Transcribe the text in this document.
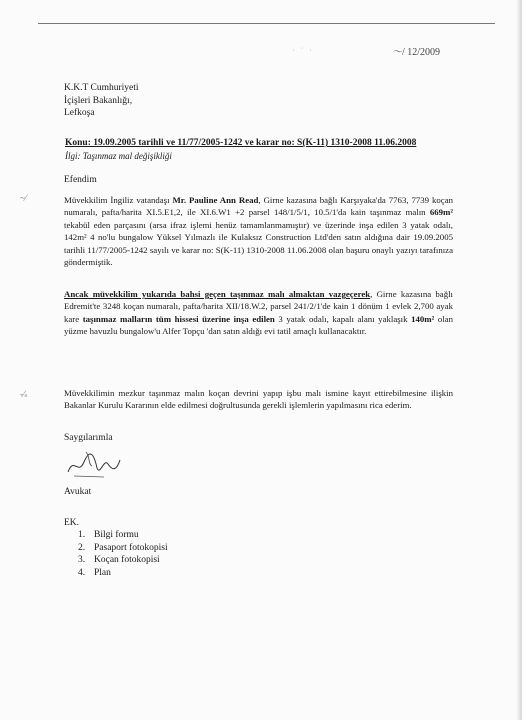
· ˙ ·	～/ 12/2009
K.K.T Cumhuriyeti
İçişleri Bakanlığı,
Lefkoşa
Konu: 19.09.2005 tarihli ve 11/77/2005-1242 ve karar no: S(K-11) 1310-2008 11.06.2008
İlgi: Taşınmaz mal değişikliği
Efendim
~⁄	Müvekkilim İngiliz vatandaşı Mr. Pauline Ann Read, Girne kazasına bağlı Karşıyaka'da 7763, 7739 koçan numaralı, pafta/harita XI.5.E1,2, ile XI.6.W1 +2 parsel 148/1/5/1, 10.5/1'da kain taşınmaz malın 669m² tekabül eden parçasını (arsa ifraz işlemi henüz tamamlanmamıştır) ve üzerinde inşa edilen 3 yatak odalı, 142m² 4 no'lu bungalow Yüksel Yılmazlı ile Kulaksız Construction Ltd'den satın aldığına dair 19.09.2005 tarihli 11/77/2005-1242 sayılı ve karar no: S(K-11) 1310-2008 11.06.2008 olan başuru onaylı yazıyı tarafınıza göndermiştik.
Ancak müvekkilim yukarıda bahsi geçen taşınmaz malı almaktan vazgeçerek, Girne kazasına bağlı Edremit'te 3248 koçan numaralı, pafta/harita XII/18.W.2, parsel 241/2/1'de kain 1 dönüm 1 evlek 2,700 ayak kare taşınmaz malların tüm hissesi üzerine inşa edilen 3 yatak odalı, kapalı alanı yaklaşık 140m² olan yüzme havuzlu bungalow'u Alfer Topçu 'dan satın aldığı evi tatil amaçlı kullanacaktır.
-⁄ₛ	Müvekkilimin mezkur taşınmaz malın koçan devrini yapıp işbu malı ismine kayıt ettirebilmesine ilişkin Bakanlar Kurulu Kararının elde edilmesi doğrultusunda gerekli işlemlerin yapılmasını rica ederim.
Saygılarımla
Avukat
EK.
1. Bilgi formu
2. Pasaport fotokopisi
3. Koçan fotokopisi
4. Plan
